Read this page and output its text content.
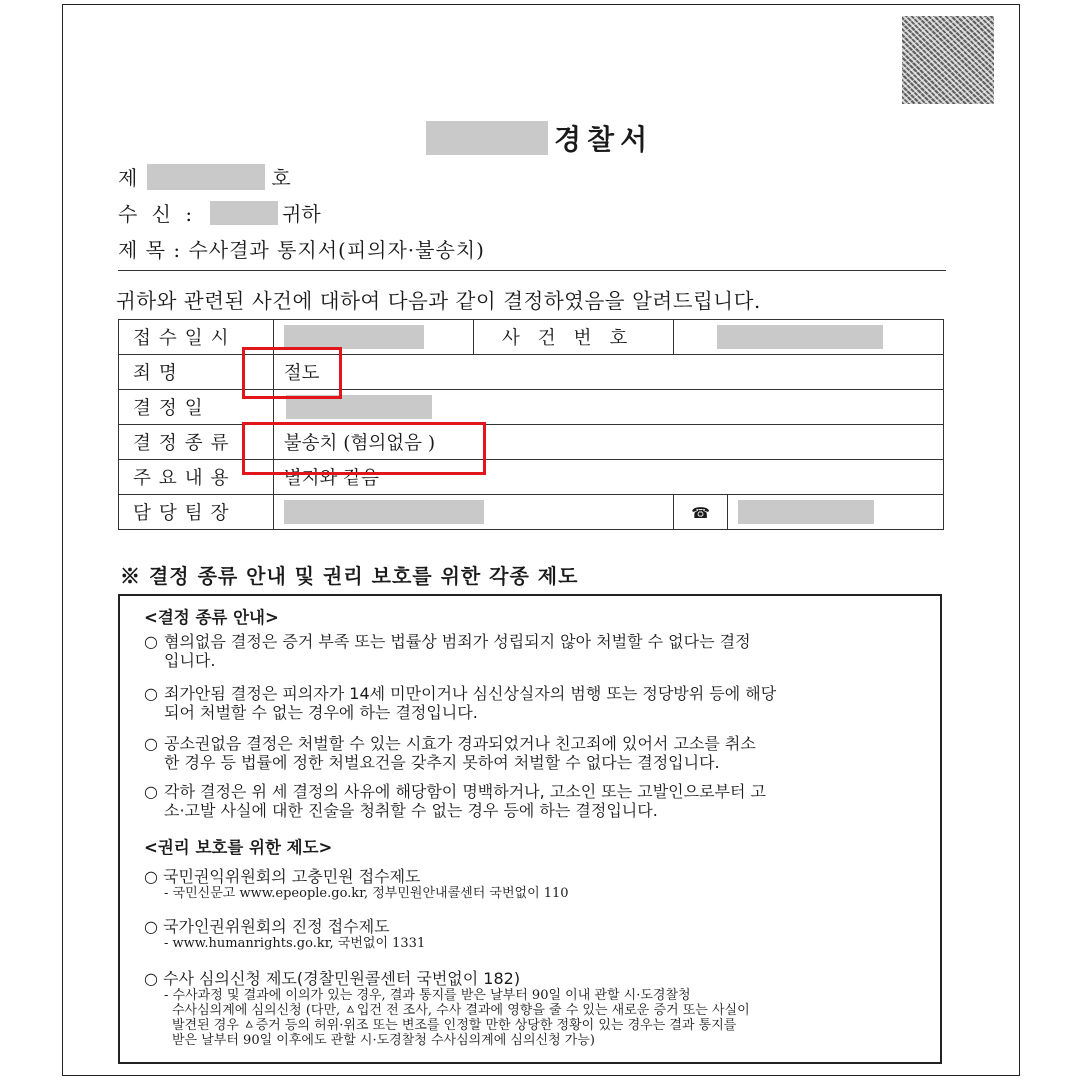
경찰서
제	호
수 신 :	귀하
제 목 : 수사결과 통지서(피의자·불송치)
귀하와 관련된 사건에 대하여 다음과 같이 결정하였음을 알려드립니다.
접수일시		사건번호		
죄명	절도			
결정일				
결정종류	불송치 (혐의없음 )			
주요내용	별지와 같음			
담당팀장			☎	
※ 결정 종류 안내 및 권리 보호를 위한 각종 제도
<결정 종류 안내>
○ 혐의없음 결정은 증거 부족 또는 법률상 범죄가 성립되지 않아 처벌할 수 없다는 결정
입니다.
○ 죄가안됨 결정은 피의자가 14세 미만이거나 심신상실자의 범행 또는 정당방위 등에 해당
되어 처벌할 수 없는 경우에 하는 결정입니다.
○ 공소권없음 결정은 처벌할 수 있는 시효가 경과되었거나 친고죄에 있어서 고소를 취소
한 경우 등 법률에 정한 처벌요건을 갖추지 못하여 처벌할 수 없다는 결정입니다.
○ 각하 결정은 위 세 결정의 사유에 해당함이 명백하거나, 고소인 또는 고발인으로부터 고
소·고발 사실에 대한 진술을 청취할 수 없는 경우 등에 하는 결정입니다.
<권리 보호를 위한 제도>
○ 국민권익위원회의 고충민원 접수제도
- 국민신문고 www.epeople.go.kr, 정부민원안내콜센터 국번없이 110
○ 국가인권위원회의 진정 접수제도
- www.humanrights.go.kr, 국번없이 1331
○ 수사 심의신청 제도(경찰민원콜센터 국번없이 182)
- 수사과정 및 결과에 이의가 있는 경우, 결과 통지를 받은 날부터 90일 이내 관할 시·도경찰청
수사심의계에 심의신청 (다만, ㅿ입건 전 조사, 수사 결과에 영향을 줄 수 있는 새로운 증거 또는 사실이
발견된 경우 ㅿ증거 등의 허위·위조 또는 변조를 인정할 만한 상당한 정황이 있는 경우는 결과 통지를
받은 날부터 90일 이후에도 관할 시·도경찰청 수사심의계에 심의신청 가능)
